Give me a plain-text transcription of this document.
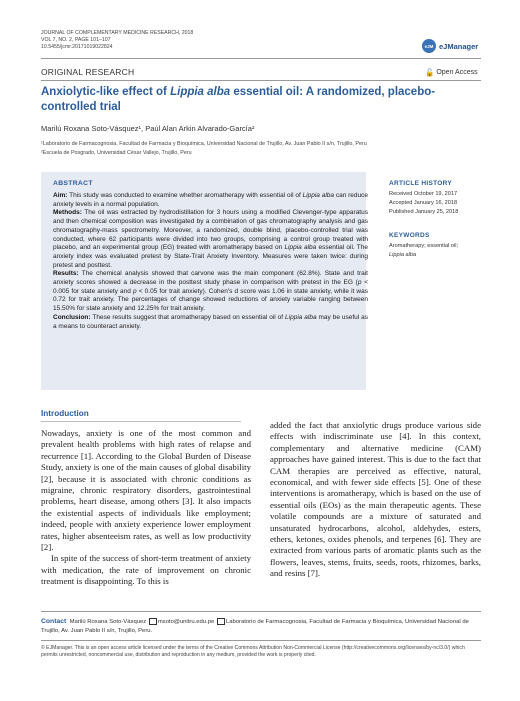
JOURNAL OF COMPLEMENTARY MEDICINE RESEARCH, 2018
VOL 7, NO. 2, PAGE 101–107
10.5455/jcmr.20171019022824	eJM eJManager
ORIGINAL RESEARCH	🔓 Open Access
Anxiolytic-like effect of Lippia alba essential oil: A randomized, placebo-controlled trial
Marilú Roxana Soto-Vásquez¹, Paúl Alan Arkin Alvarado-García²
¹Laboratorio de Farmacognosia, Facultad de Farmacia y Bioquímica, Universidad Nacional de Trujillo, Av. Juan Pablo II s/n, Trujillo, Peru
²Escuela de Posgrado, Universidad César Vallejo, Trujillo, Peru
ABSTRACT
Aim: This study was conducted to examine whether aromatherapy with essential oil of Lippia alba can reduce anxiety levels in a normal population.
Methods: The oil was extracted by hydrodistillation for 3 hours using a modified Clevenger-type apparatus and then chemical composition was investigated by a combination of gas chromatography analysis and gas chromatography-mass spectrometry. Moreover, a randomized, double blind, placebo-controlled trial was conducted, where 62 participants were divided into two groups, comprising a control group treated with placebo, and an experimental group (EG) treated with aromatherapy based on Lippia alba essential oil. The anxiety index was evaluated pretest by State-Trait Anxiety Inventory. Measures were taken twice: during pretest and posttest.
Results: The chemical analysis showed that carvone was the main component (62.8%). State and trait anxiety scores showed a decrease in the posttest study phase in comparison with pretest in the EG (p < 0.005 for state anxiety and p < 0.05 for trait anxiety). Cohen's d score was 1.06 in state anxiety, while it was 0.72 for trait anxiety. The percentages of change showed reductions of anxiety variable ranging between 15.50% for state anxiety and 12.25% for trait anxiety.
Conclusion: These results suggest that aromatherapy based on essential oil of Lippia alba may be useful as a means to counteract anxiety.
ARTICLE HISTORY
Received October 19, 2017
Accepted January 16, 2018
Published January 25, 2018
KEYWORDS
Aromatherapy; essential oil;
Lippia alba
Introduction
Nowadays, anxiety is one of the most common and prevalent health problems with high rates of relapse and recurrence [1]. According to the Global Burden of Disease Study, anxiety is one of the main causes of global disability [2], because it is associated with chronic conditions as migraine, chronic respiratory disorders, gastrointestinal problems, heart disease, among others [3]. It also impacts the existential aspects of individuals like employment; indeed, people with anxiety experience lower employment rates, higher absenteeism rates, as well as low productivity [2].
In spite of the success of short-term treatment of anxiety with medication, the rate of improvement on chronic treatment is disappointing. To this is
added the fact that anxiolytic drugs produce various side effects with indiscriminate use [4]. In this context, complementary and alternative medicine (CAM) approaches have gained interest. This is due to the fact that CAM therapies are perceived as effective, natural, economical, and with fewer side effects [5]. One of these interventions is aromatherapy, which is based on the use of essential oils (EOs) as the main therapeutic agents. These volatile compounds are a mixture of saturated and unsaturated hydrocarbons, alcohol, aldehydes, esters, ethers, ketones, oxides phenols, and terpenes [6]. They are extracted from various parts of aromatic plants such as the flowers, leaves, stems, fruits, seeds, roots, rhizomes, barks, and resins [7].
Contact Marilú Roxana Soto-Vásquez msoto@unitru.edu.pe Laboratorio de Farmacognosia, Facultad de Farmacia y Bioquímica, Universidad Nacional de Trujillo, Av. Juan Pablo II s/n, Trujillo, Peru.
© EJManager. This is an open access article licensed under the terms of the Creative Commons Attribution Non-Commercial License (http://creativecommons.org/licenses/by-nc/3.0/) which permits unrestricted, noncommercial use, distribution and reproduction in any medium, provided the work is properly cited.
